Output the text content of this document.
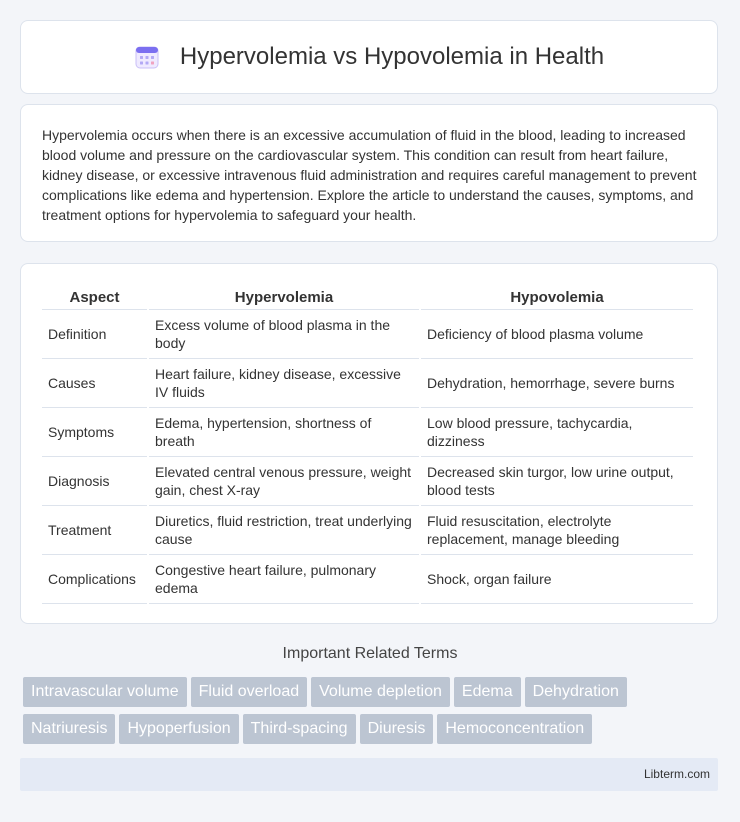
Hypervolemia vs Hypovolemia in Health

Hypervolemia occurs when there is an excessive accumulation of fluid in the blood, leading to increased blood volume and pressure on the cardiovascular system. This condition can result from heart failure, kidney disease, or excessive intravenous fluid administration and requires careful management to prevent complications like edema and hypertension. Explore the article to understand the causes, symptoms, and treatment options for hypervolemia to safeguard your health.

Aspect	Hypervolemia	Hypovolemia
Definition	Excess volume of blood plasma in the body	Deficiency of blood plasma volume
Causes	Heart failure, kidney disease, excessive IV fluids	Dehydration, hemorrhage, severe burns
Symptoms	Edema, hypertension, shortness of breath	Low blood pressure, tachycardia, dizziness
Diagnosis	Elevated central venous pressure, weight gain, chest X-ray	Decreased skin turgor, low urine output, blood tests
Treatment	Diuretics, fluid restriction, treat underlying cause	Fluid resuscitation, electrolyte replacement, manage bleeding
Complications	Congestive heart failure, pulmonary edema	Shock, organ failure
Important Related Terms
Intravascular volume	Fluid overload	Volume depletion	Edema	Dehydration
Natriuresis	Hypoperfusion	Third-spacing	Diuresis	Hemoconcentration
Libterm.com
